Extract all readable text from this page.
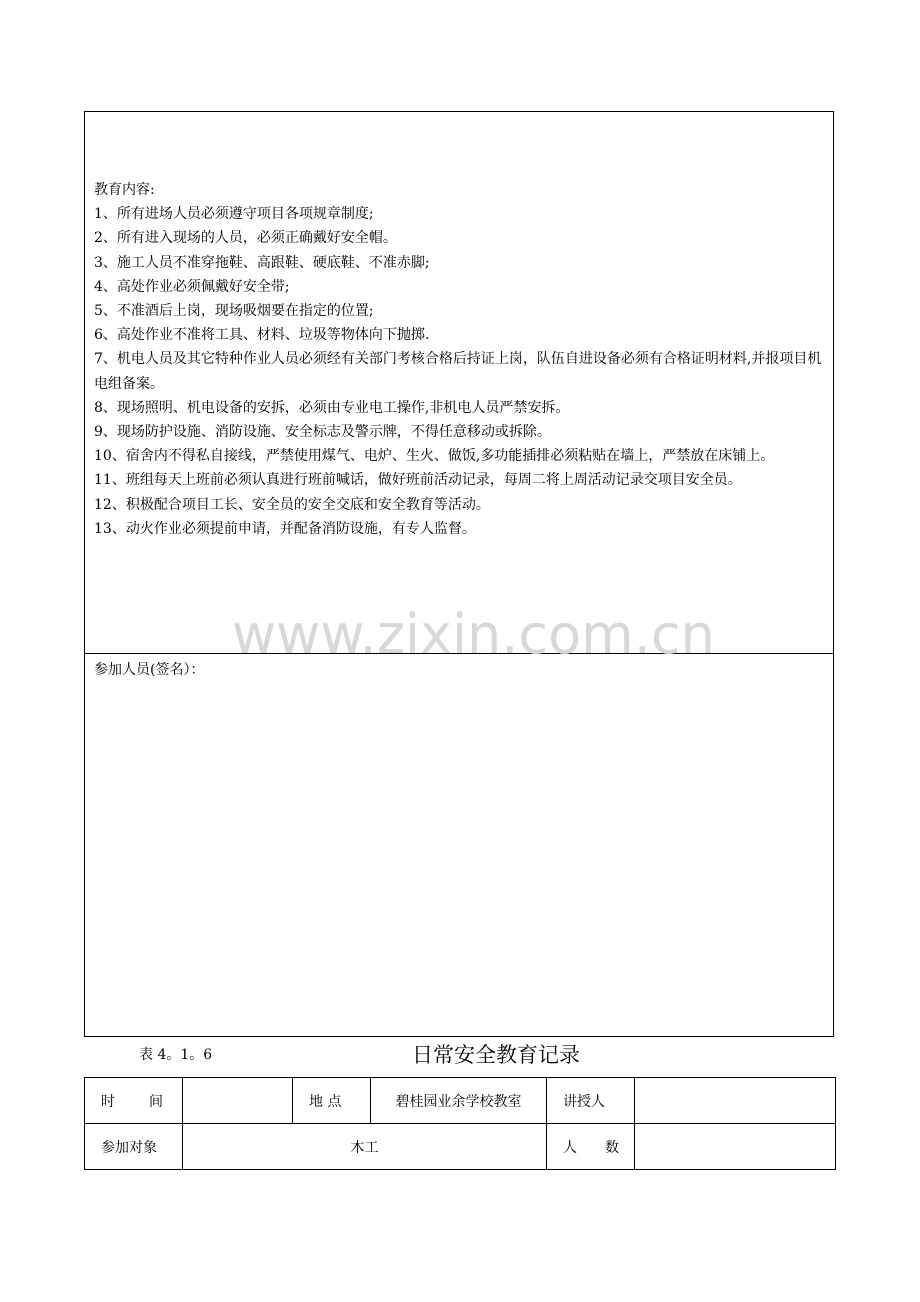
教育内容:
1、所有进场人员必须遵守项目各项规章制度;
2、所有进入现场的人员，必须正确戴好安全帽。
3、施工人员不准穿拖鞋、高跟鞋、硬底鞋、不准赤脚;
4、高处作业必须佩戴好安全带;
5、不准酒后上岗，现场吸烟要在指定的位置;
6、高处作业不准将工具、材料、垃圾等物体向下抛掷.
7、机电人员及其它特种作业人员必须经有关部门考核合格后持证上岗，队伍自进设备必须有合格证明材料,并报项目机电组备案。
8、现场照明、机电设备的安拆，必须由专业电工操作,非机电人员严禁安拆。
9、现场防护设施、消防设施、安全标志及警示牌，不得任意移动或拆除。
10、宿舍内不得私自接线，严禁使用煤气、电炉、生火、做饭,多功能插排必须粘贴在墙上，严禁放在床铺上。
11、班组每天上班前必须认真进行班前喊话，做好班前活动记录，每周二将上周活动记录交项目安全员。
12、积极配合项目工长、安全员的安全交底和安全教育等活动。
13、动火作业必须提前申请，并配备消防设施，有专人监督。
参加人员(签名）：
www.zixin.com.cn
表 4。1。6	日常安全教育记录
时　　间		地 点	碧桂园业余学校教室	讲授人	
参加对象	木工			人　　数	
